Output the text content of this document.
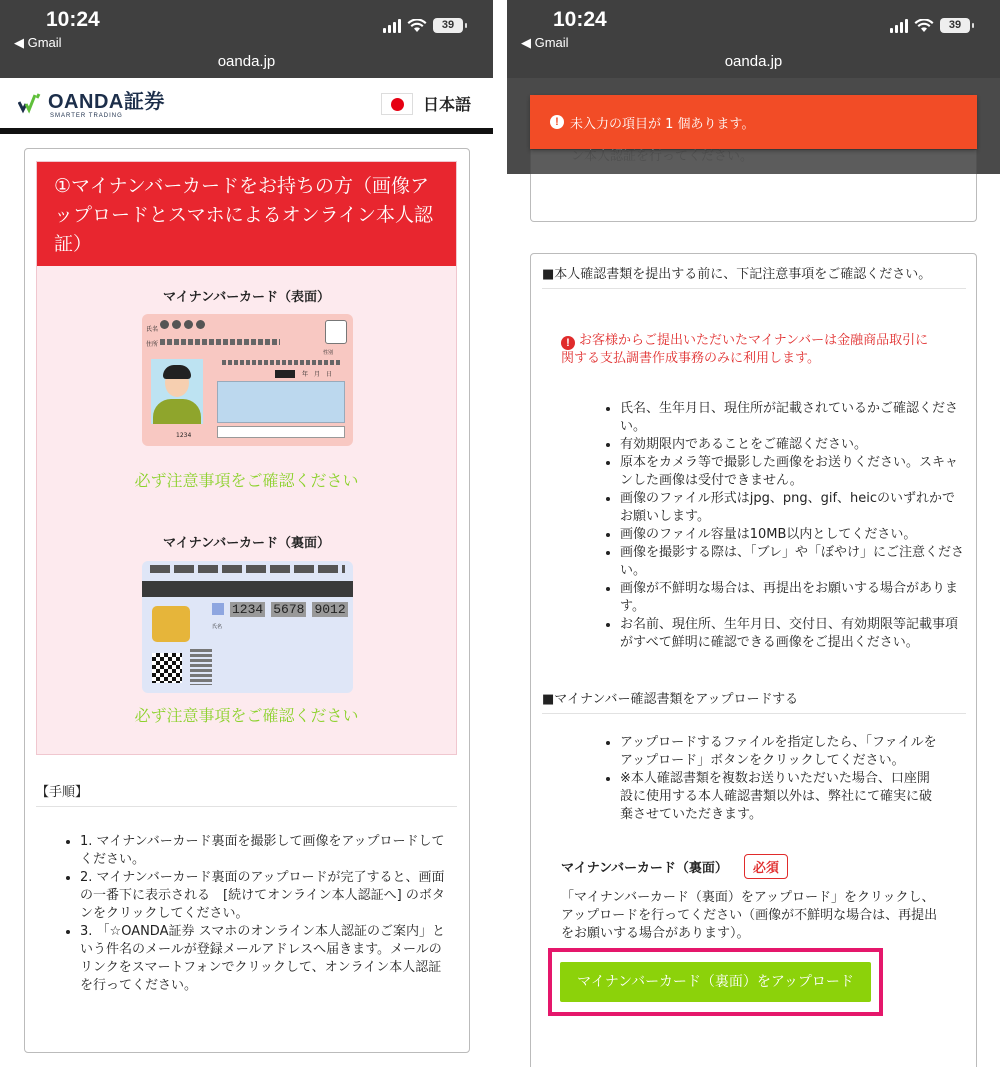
10:24
◀ Gmail
39
oanda.jp
OANDA証券
SMARTER TRADING
日本語
①マイナンバーカードをお持ちの方（画像アップロードとスマホによるオンライン本人認証）
マイナンバーカード（表面）
氏名
住所
性別
年　月　日
1234
必ず注意事項をご確認ください
マイナンバーカード（裏面）
1234 5678 9012
氏名
必ず注意事項をご確認ください
【手順】
• 1. マイナンバーカード裏面を撮影して画像をアップロードしてください。
• 2. マイナンバーカード裏面のアップロードが完了すると、画面の一番下に表示される　[続けてオンライン本人認証へ] のボタンをクリックしてください。
• 3. 「☆OANDA証券 スマホのオンライン本人認証のご案内」という件名のメールが登録メールアドレスへ届きます。メールのリンクをスマートフォンでクリックして、オンライン本人認証を行ってください。
10:24
◀ Gmail
39
oanda.jp
! 未入力の項目が 1 個あります。
■本人確認書類を提出する前に、下記注意事項をご確認ください。
! お客様からご提出いただいたマイナンバーは金融商品取引に関する支払調書作成事務のみに利用します。
• 氏名、生年月日、現住所が記載されているかご確認ください。
• 有効期限内であることをご確認ください。
• 原本をカメラ等で撮影した画像をお送りください。スキャンした画像は受付できません。
• 画像のファイル形式はjpg、png、gif、heicのいずれかでお願いします。
• 画像のファイル容量は10MB以内としてください。
• 画像を撮影する際は、「ブレ」や「ぼやけ」にご注意ください。
• 画像が不鮮明な場合は、再提出をお願いする場合があります。
• お名前、現住所、生年月日、交付日、有効期限等記載事項がすべて鮮明に確認できる画像をご提出ください。
■マイナンバー確認書類をアップロードする
• アップロードするファイルを指定したら、「ファイルをアップロード」ボタンをクリックしてください。
• ※本人確認書類を複数お送りいただいた場合、口座開設に使用する本人確認書類以外は、弊社にて確実に破棄させていただきます。
マイナンバーカード（裏面）	必須
「マイナンバーカード（裏面）をアップロード」をクリックし、アップロードを行ってください（画像が不鮮明な場合は、再提出をお願いする場合があります）。
マイナンバーカード（裏面）をアップロード
